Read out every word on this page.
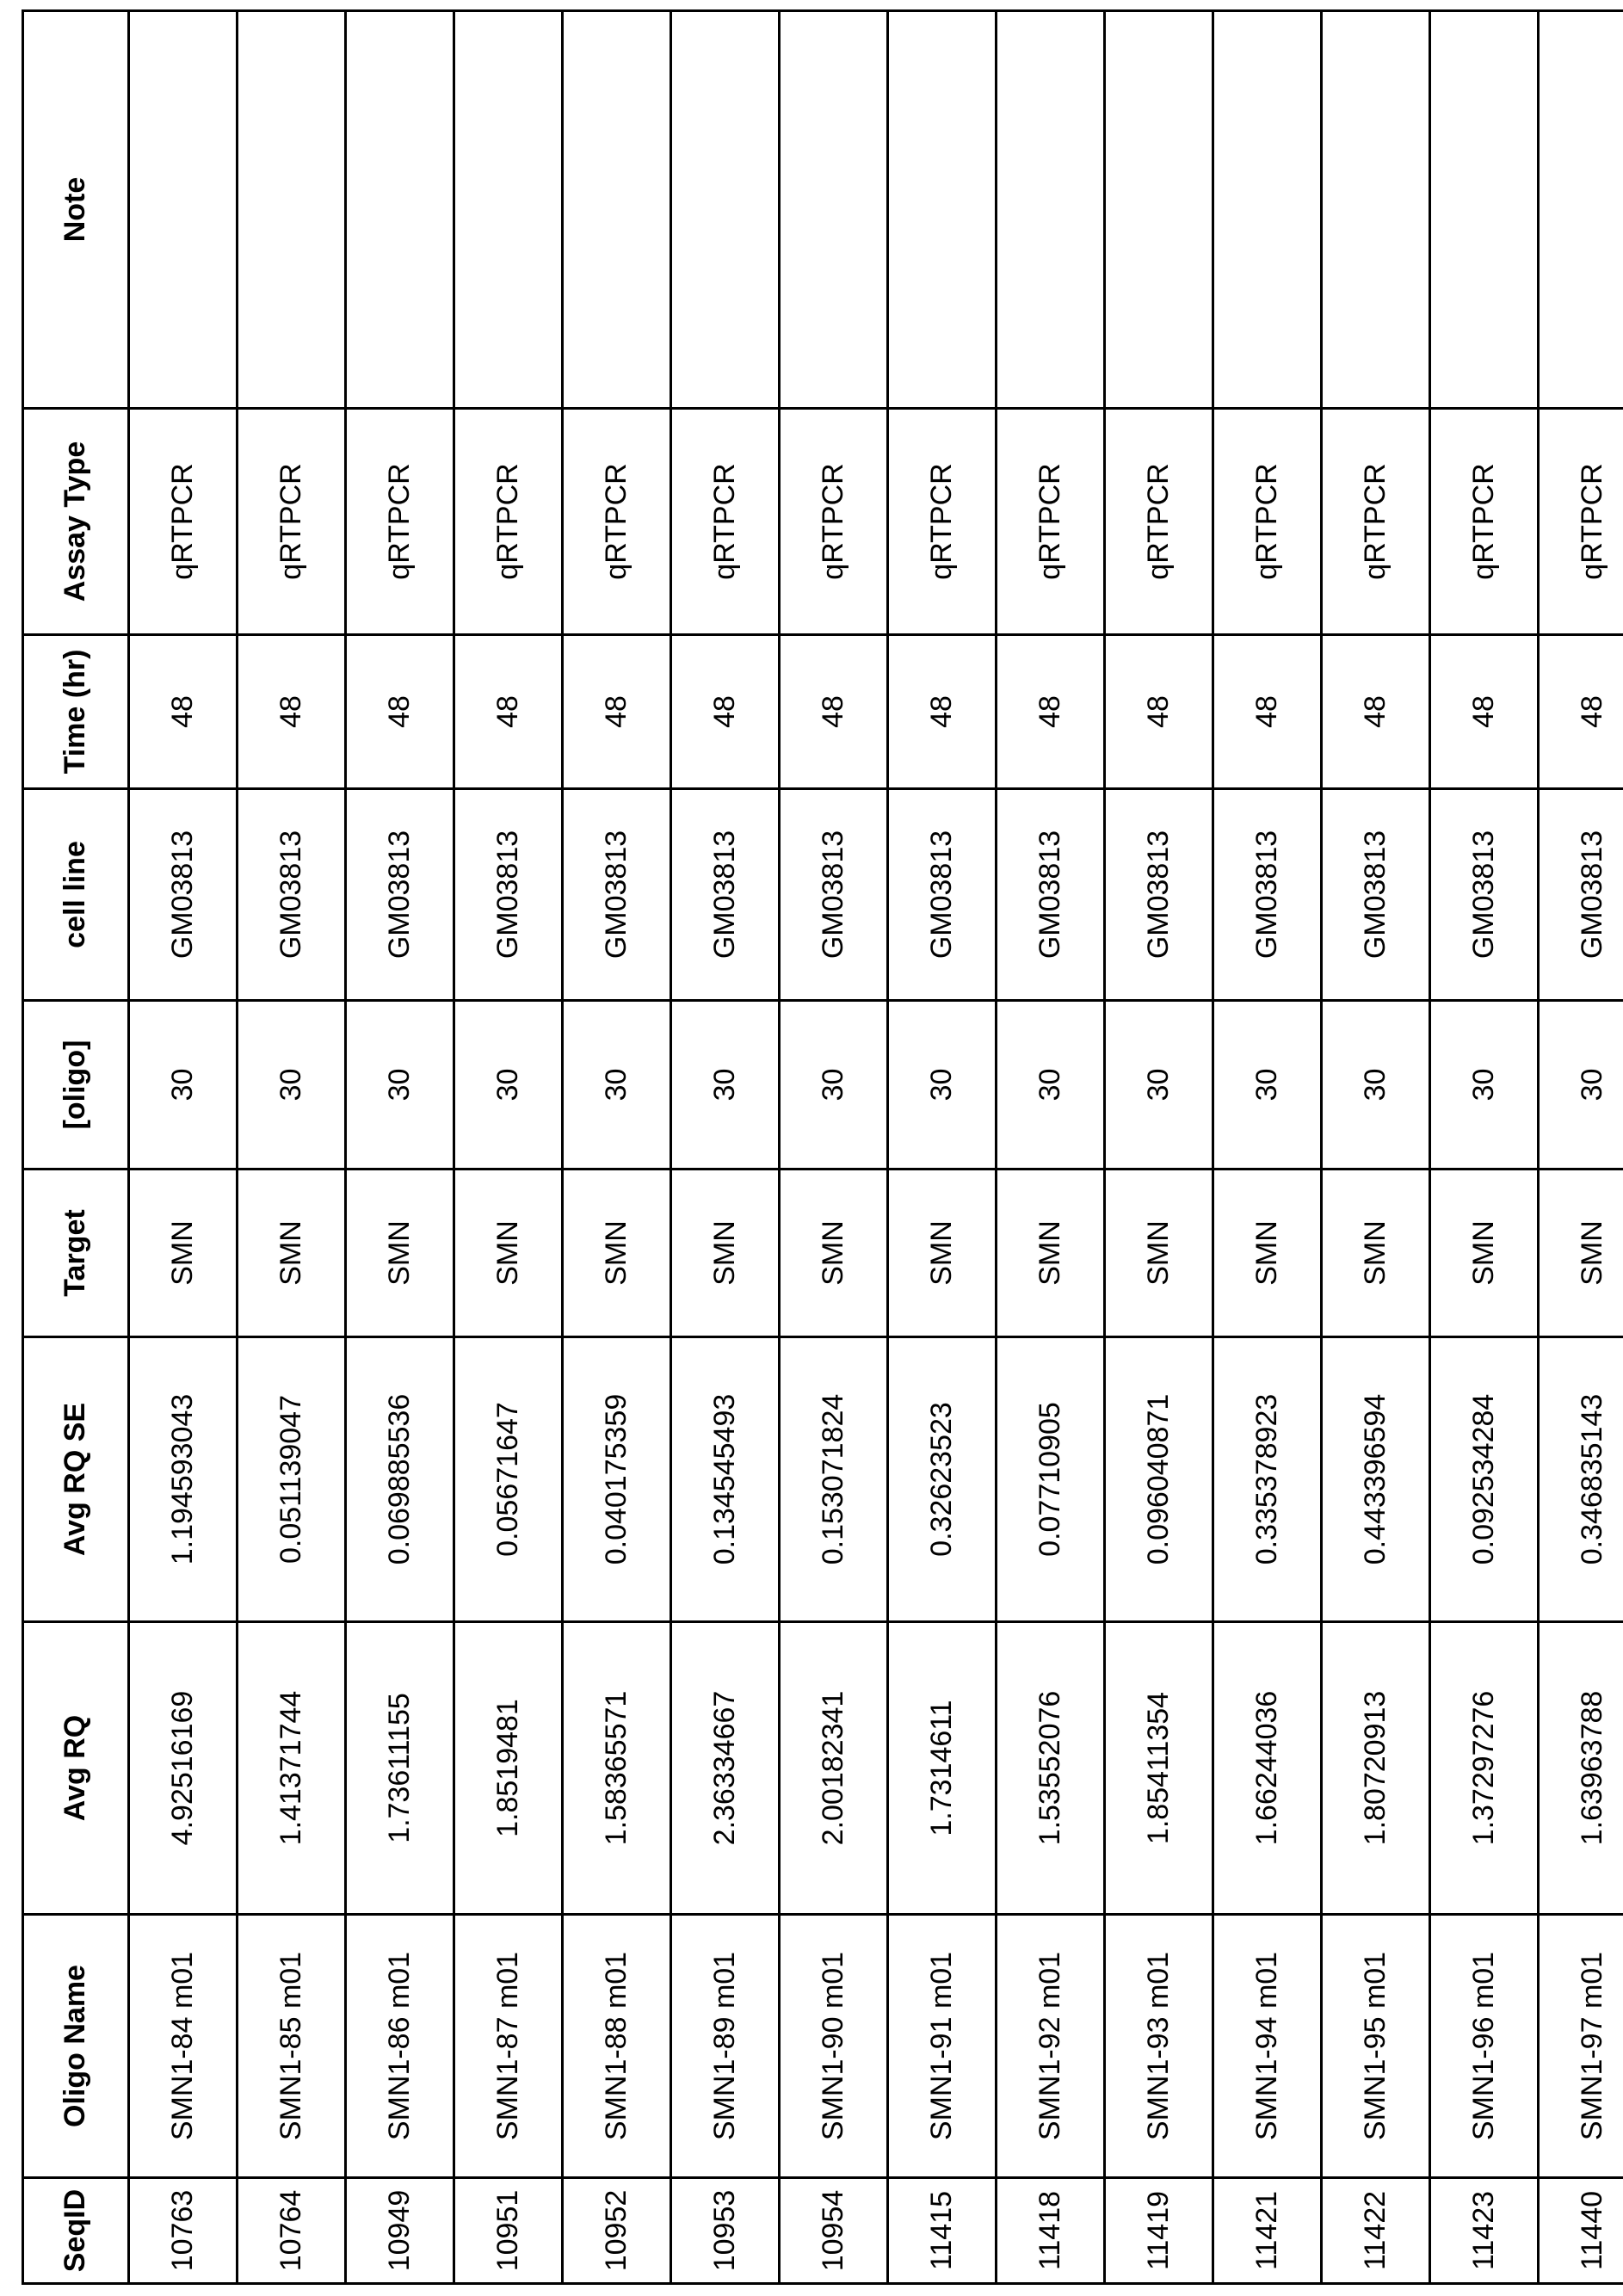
SeqID	Oligo Name	Avg RQ	Avg RQ SE	Target	[oligo]	cell line	Time (hr)	Assay Type	Note
10763	SMN1-84 m01	4.92516169	1.194593043	SMN	30	GM03813	48	qRTPCR	
10764	SMN1-85 m01	1.41371744	0.051139047	SMN	30	GM03813	48	qRTPCR	
10949	SMN1-86 m01	1.73611155	0.069885536	SMN	30	GM03813	48	qRTPCR	
10951	SMN1-87 m01	1.8519481	0.05671647	SMN	30	GM03813	48	qRTPCR	
10952	SMN1-88 m01	1.58365571	0.040175359	SMN	30	GM03813	48	qRTPCR	
10953	SMN1-89 m01	2.36334667	0.134545493	SMN	30	GM03813	48	qRTPCR	
10954	SMN1-90 m01	2.00182341	0.153071824	SMN	30	GM03813	48	qRTPCR	
11415	SMN1-91 m01	1.7314611	0.32623523	SMN	30	GM03813	48	qRTPCR	
11418	SMN1-92 m01	1.53552076	0.07710905	SMN	30	GM03813	48	qRTPCR	
11419	SMN1-93 m01	1.85411354	0.096040871	SMN	30	GM03813	48	qRTPCR	
11421	SMN1-94 m01	1.66244036	0.335378923	SMN	30	GM03813	48	qRTPCR	
11422	SMN1-95 m01	1.80720913	0.443396594	SMN	30	GM03813	48	qRTPCR	
11423	SMN1-96 m01	1.37297276	0.092534284	SMN	30	GM03813	48	qRTPCR	
11440	SMN1-97 m01	1.63963788	0.346835143	SMN	30	GM03813	48	qRTPCR	
